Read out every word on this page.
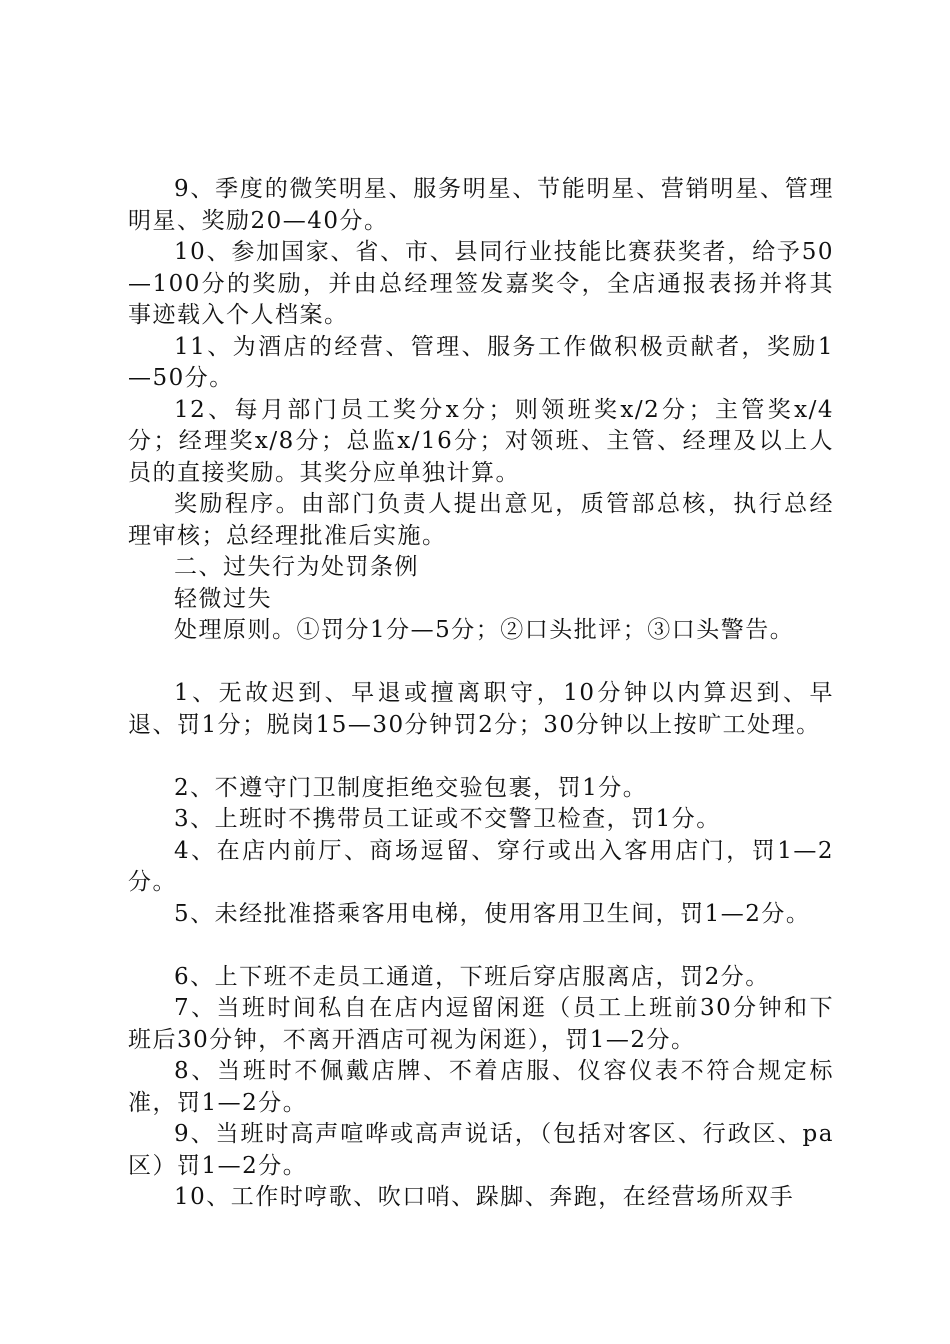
9、季度的微笑明星、服务明星、节能明星、营销明星、管理明星、奖励20—40分。

10、参加国家、省、市、县同行业技能比赛获奖者，给予50—100分的奖励，并由总经理签发嘉奖令，全店通报表扬并将其事迹载入个人档案。

11、为酒店的经营、管理、服务工作做积极贡献者，奖励1—50分。

12、每月部门员工奖分x分；则领班奖x/2分；主管奖x/4分；经理奖x/8分；总监x/16分；对领班、主管、经理及以上人员的直接奖励。其奖分应单独计算。

奖励程序。由部门负责人提出意见，质管部总核，执行总经理审核；总经理批准后实施。

二、过失行为处罚条例

轻微过失

处理原则。①罚分1分—5分；②口头批评；③口头警告。

1、无故迟到、早退或擅离职守，10分钟以内算迟到、早退、罚1分；脱岗15—30分钟罚2分；30分钟以上按旷工处理。

2、不遵守门卫制度拒绝交验包裹，罚1分。

3、上班时不携带员工证或不交警卫检查，罚1分。

4、在店内前厅、商场逗留、穿行或出入客用店门，罚1—2分。

5、未经批准搭乘客用电梯，使用客用卫生间，罚1—2分。

6、上下班不走员工通道，下班后穿店服离店，罚2分。

7、当班时间私自在店内逗留闲逛（员工上班前30分钟和下班后30分钟，不离开酒店可视为闲逛），罚1—2分。

8、当班时不佩戴店牌、不着店服、仪容仪表不符合规定标准，罚1—2分。

9、当班时高声喧哗或高声说话，（包括对客区、行政区、pa区）罚1—2分。

10、工作时哼歌、吹口哨、跺脚、奔跑，在经营场所双手
